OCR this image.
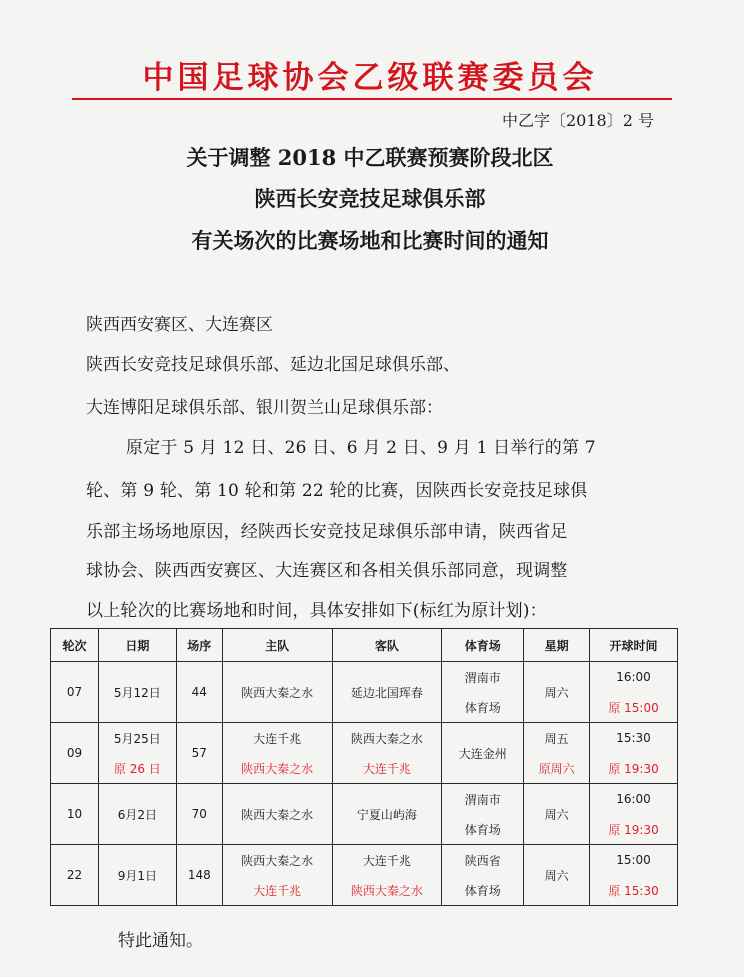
中国足球协会乙级联赛委员会
中乙字〔2018〕2 号
关于调整 2018 中乙联赛预赛阶段北区
陕西长安竞技足球俱乐部
有关场次的比赛场地和比赛时间的通知
陕西西安赛区、大连赛区
陕西长安竞技足球俱乐部、延边北国足球俱乐部、
大连博阳足球俱乐部、银川贺兰山足球俱乐部：
原定于 5 月 12 日、26 日、6 月 2 日、9 月 1 日举行的第 7
轮、第 9 轮、第 10 轮和第 22 轮的比赛，因陕西长安竞技足球俱
乐部主场场地原因，经陕西长安竞技足球俱乐部申请，陕西省足
球协会、陕西西安赛区、大连赛区和各相关俱乐部同意，现调整
以上轮次的比赛场地和时间，具体安排如下(标红为原计划)：
轮次	日期	场序	主队	客队	体育场	星期	开球时间
07	5月12日	44	陕西大秦之水	延边北国珲春	渭南市	周六	16:00
					体育场		原 15:00
09	5月25日	57	大连千兆	陕西大秦之水	大连金州	周五	15:30
	原 26 日		陕西大秦之水	大连千兆		原周六	原 19:30
10	6月2日	70	陕西大秦之水	宁夏山屿海	渭南市	周六	16:00
					体育场		原 19:30
22	9月1日	148	陕西大秦之水	大连千兆	陕西省	周六	15:00
			大连千兆	陕西大秦之水	体育场		原 15:30
特此通知。
